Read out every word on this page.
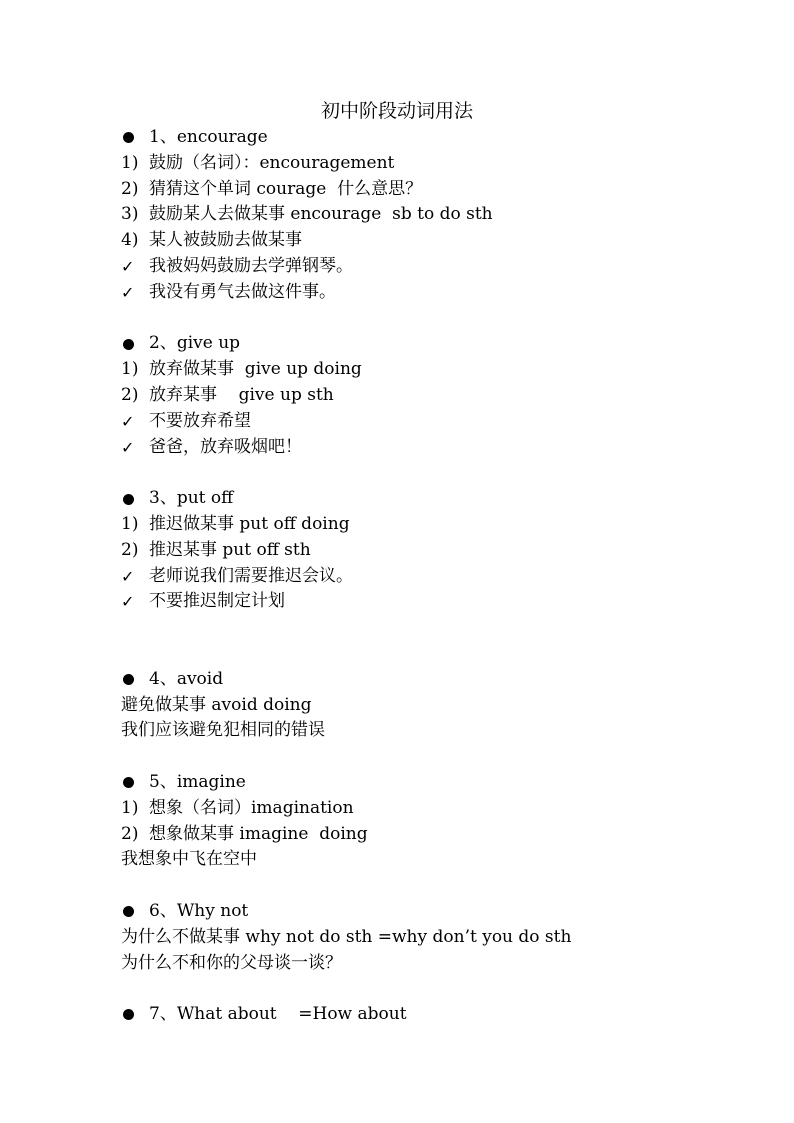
初中阶段动词用法
1、encourage
1) 鼓励（名词）：encouragement
2) 猜猜这个单词 courage  什么意思？
3) 鼓励某人去做某事 encourage  sb to do sth
4) 某人被鼓励去做某事
✓ 我被妈妈鼓励去学弹钢琴。
✓ 我没有勇气去做这件事。
2、give up
1) 放弃做某事  give up doing
2) 放弃某事    give up sth
✓ 不要放弃希望
✓ 爸爸，放弃吸烟吧！
3、put off
1) 推迟做某事 put off doing
2) 推迟某事 put off sth
✓ 老师说我们需要推迟会议。
✓ 不要推迟制定计划
4、avoid
避免做某事 avoid doing
我们应该避免犯相同的错误
5、imagine
1) 想象（名词）imagination
2) 想象做某事 imagine  doing
我想象中飞在空中
6、Why not
为什么不做某事 why not do sth =why don’t you do sth
为什么不和你的父母谈一谈？
7、What about    =How about
